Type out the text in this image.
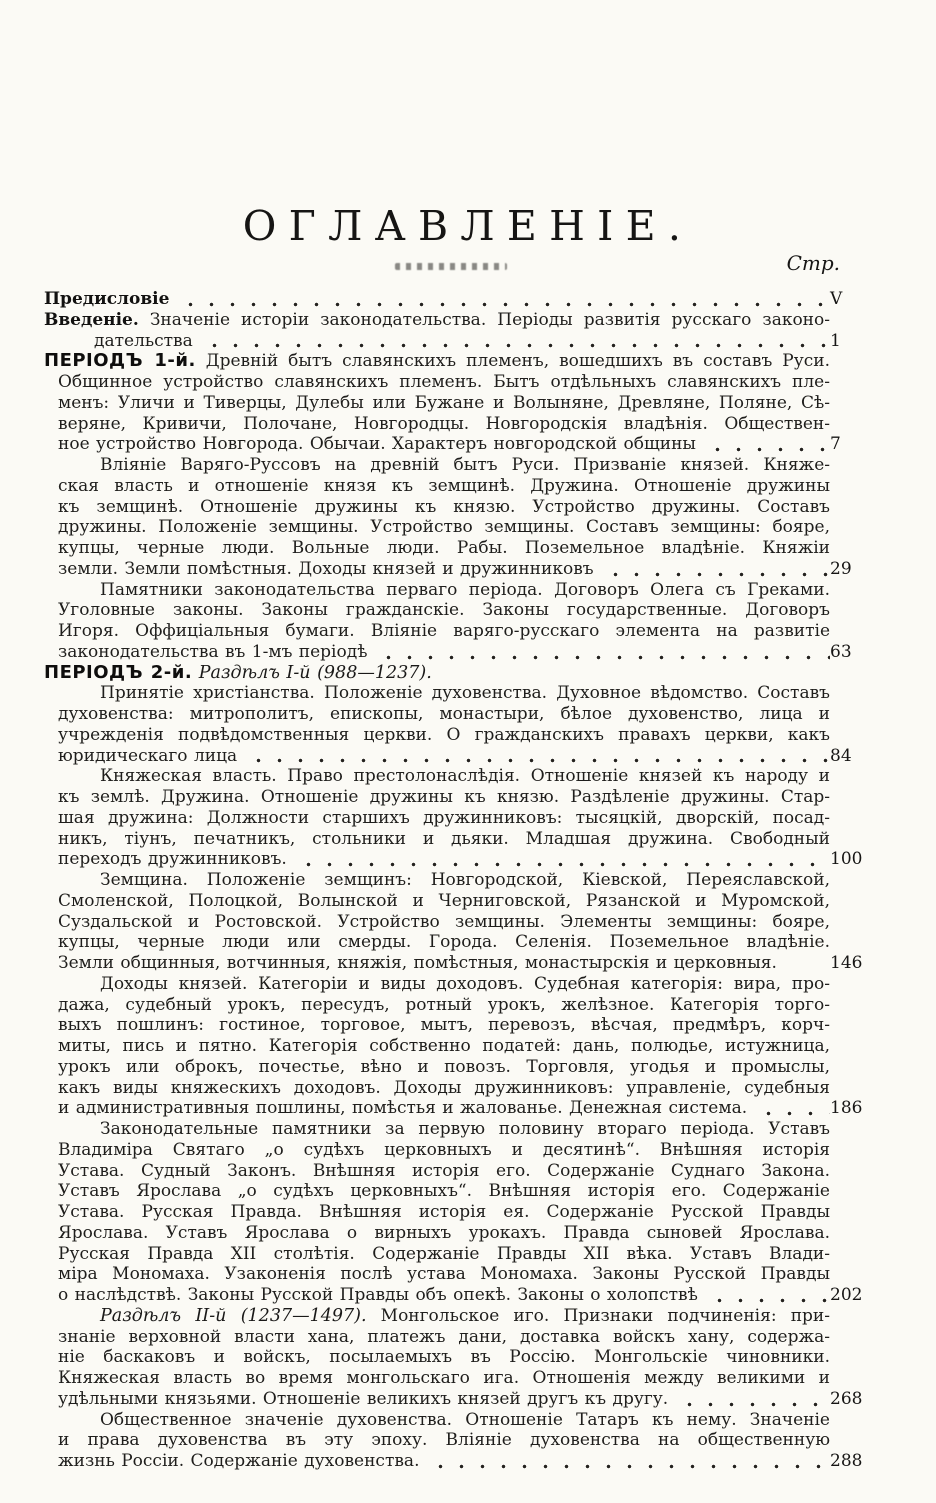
ОГЛАВЛЕНІЕ.
Стр.
Предисловіе	V
Введеніе. Значеніе исторіи законодательства. Періоды развитія русскаго законо-
дательства	1
ПЕРІОДЪ 1-й. Древній бытъ славянскихъ племенъ, вошедшихъ въ составъ Руси.
Общинное устройство славянскихъ племенъ. Бытъ отдѣльныхъ славянскихъ пле-
менъ: Уличи и Тиверцы, Дулебы или Бужане и Волыняне, Древляне, Поляне, Сѣ-
веряне, Кривичи, Полочане, Новгородцы. Новгородскія владѣнія. Обществен-
ное устройство Новгорода. Обычаи. Характеръ новгородской общины	7
Вліяніе Варяго-Руссовъ на древній бытъ Руси. Призваніе князей. Княже-
ская власть и отношеніе князя къ земщинѣ. Дружина. Отношеніе дружины
къ земщинѣ. Отношеніе дружины къ князю. Устройство дружины. Составъ
дружины. Положеніе земщины. Устройство земщины. Составъ земщины: бояре,
купцы, черные люди. Вольные люди. Рабы. Поземельное владѣніе. Княжіи
земли. Земли помѣстныя. Доходы князей и дружинниковъ	29
Памятники законодательства перваго періода. Договоръ Олега съ Греками.
Уголовные законы. Законы гражданскіе. Законы государственные. Договоръ
Игоря. Оффиціальныя бумаги. Вліяніе варяго-русскаго элемента на развитіе
законодательства въ 1-мъ періодѣ	63
ПЕРІОДЪ 2-й. Раздѣлъ I-й (988—1237).
Принятіе христіанства. Положеніе духовенства. Духовное вѣдомство. Составъ
духовенства: митрополитъ, епископы, монастыри, бѣлое духовенство, лица и
учрежденія подвѣдомственныя церкви. О гражданскихъ правахъ церкви, какъ
юридическаго лица	84
Княжеская власть. Право престолонаслѣдія. Отношеніе князей къ народу и
къ землѣ. Дружина. Отношеніе дружины къ князю. Раздѣленіе дружины. Стар-
шая дружина: Должности старшихъ дружинниковъ: тысяцкій, дворскій, посад-
никъ, тіунъ, печатникъ, стольники и дьяки. Младшая дружина. Свободный
переходъ дружинниковъ.	100
Земщина. Положеніе земщинъ: Новгородской, Кіевской, Переяславской,
Смоленской, Полоцкой, Волынской и Черниговской, Рязанской и Муромской,
Суздальской и Ростовской. Устройство земщины. Элементы земщины: бояре,
купцы, черные люди или смерды. Города. Селенія. Поземельное владѣніе.
Земли общинныя, вотчинныя, княжія, помѣстныя, монастырскія и церковныя.	146
Доходы князей. Категоріи и виды доходовъ. Судебная категорія: вира, про-
дажа, судебный урокъ, пересудъ, ротный урокъ, желѣзное. Категорія торго-
выхъ пошлинъ: гостиное, торговое, мытъ, перевозъ, вѣсчая, предмѣръ, корч-
миты, пись и пятно. Категорія собственно податей: дань, полюдье, истужница,
урокъ или оброкъ, почестье, вѣно и повозъ. Торговля, угодья и промыслы,
какъ виды княжескихъ доходовъ. Доходы дружинниковъ: управленіе, судебныя
и административныя пошлины, помѣстья и жалованье. Денежная система.	186
Законодательные памятники за первую половину втораго періода. Уставъ
Владиміра Святаго „о судѣхъ церковныхъ и десятинѣ“. Внѣшняя исторія
Устава. Судный Законъ. Внѣшняя исторія его. Содержаніе Суднаго Закона.
Уставъ Ярослава „о судѣхъ церковныхъ“. Внѣшняя исторія его. Содержаніе
Устава. Русская Правда. Внѣшняя исторія ея. Содержаніе Русской Правды
Ярослава. Уставъ Ярослава о вирныхъ урокахъ. Правда сыновей Ярослава.
Русская Правда XII столѣтія. Содержаніе Правды XII вѣка. Уставъ Влади-
міра Мономаха. Узаконенія послѣ устава Мономаха. Законы Русской Правды
о наслѣдствѣ. Законы Русской Правды объ опекѣ. Законы о холопствѣ	202
Раздѣлъ II-й (1237—1497). Монгольское иго. Признаки подчиненія: при-
знаніе верховной власти хана, платежъ дани, доставка войскъ хану, содержа-
ніе баскаковъ и войскъ, посылаемыхъ въ Россію. Монгольскіе чиновники.
Княжеская власть во время монгольскаго ига. Отношенія между великими и
удѣльными князьями. Отношеніе великихъ князей другъ къ другу.	268
Общественное значеніе духовенства. Отношеніе Татаръ къ нему. Значеніе
и права духовенства въ эту эпоху. Вліяніе духовенства на общественную
жизнь Россіи. Содержаніе духовенства.	288
